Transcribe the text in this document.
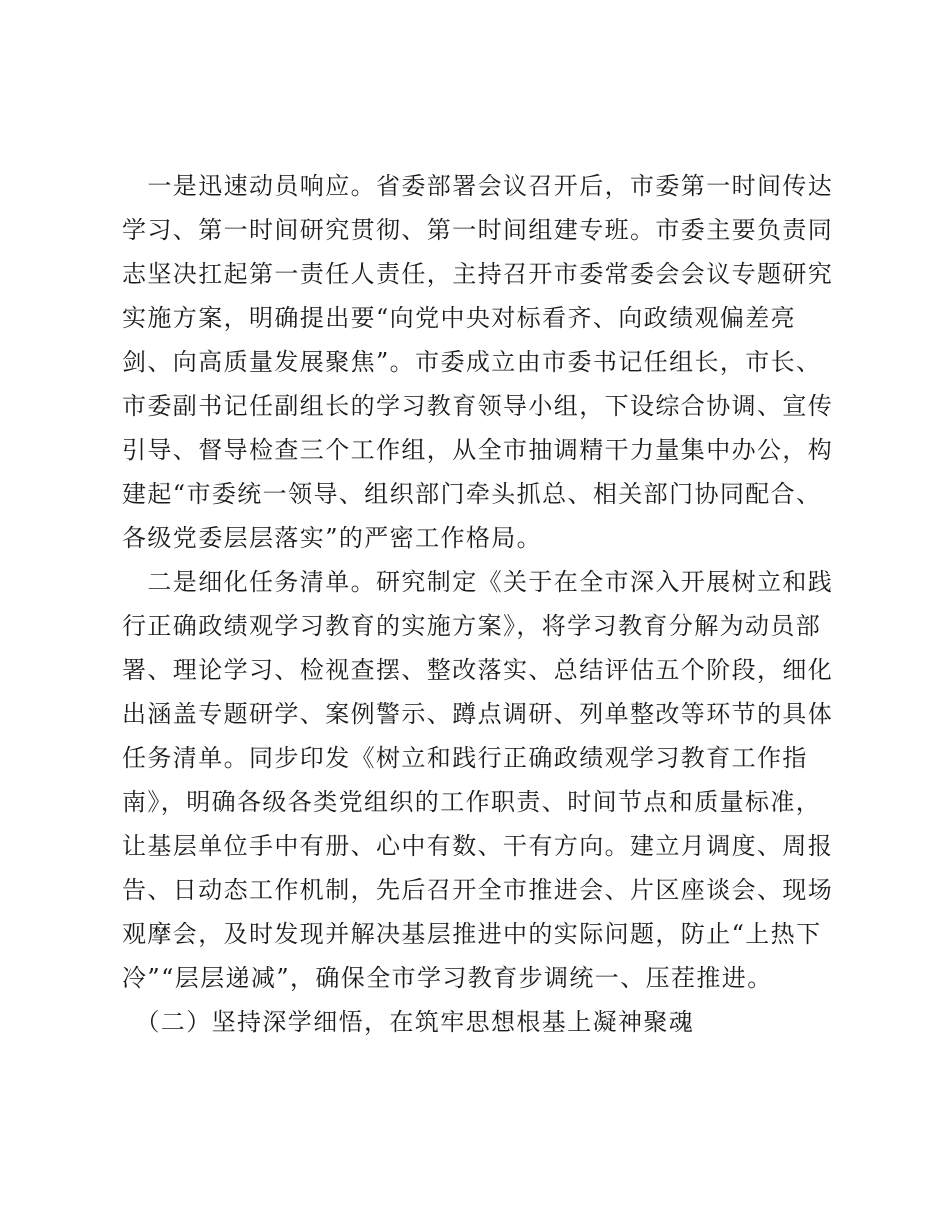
　一是迅速动员响应。省委部署会议召开后，市委第一时间传达
学习、第一时间研究贯彻、第一时间组建专班。市委主要负责同
志坚决扛起第一责任人责任，主持召开市委常委会会议专题研究
实施方案，明确提出要“向党中央对标看齐、向政绩观偏差亮
剑、向高质量发展聚焦”。市委成立由市委书记任组长，市长、
市委副书记任副组长的学习教育领导小组，下设综合协调、宣传
引导、督导检查三个工作组，从全市抽调精干力量集中办公，构
建起“市委统一领导、组织部门牵头抓总、相关部门协同配合、
各级党委层层落实”的严密工作格局。
　二是细化任务清单。研究制定《关于在全市深入开展树立和践
行正确政绩观学习教育的实施方案》，将学习教育分解为动员部
署、理论学习、检视查摆、整改落实、总结评估五个阶段，细化
出涵盖专题研学、案例警示、蹲点调研、列单整改等环节的具体
任务清单。同步印发《树立和践行正确政绩观学习教育工作指
南》，明确各级各类党组织的工作职责、时间节点和质量标准，
让基层单位手中有册、心中有数、干有方向。建立月调度、周报
告、日动态工作机制，先后召开全市推进会、片区座谈会、现场
观摩会，及时发现并解决基层推进中的实际问题，防止“上热下
冷”“层层递减”，确保全市学习教育步调统一、压茬推进。
　（二）坚持深学细悟，在筑牢思想根基上凝神聚魂
